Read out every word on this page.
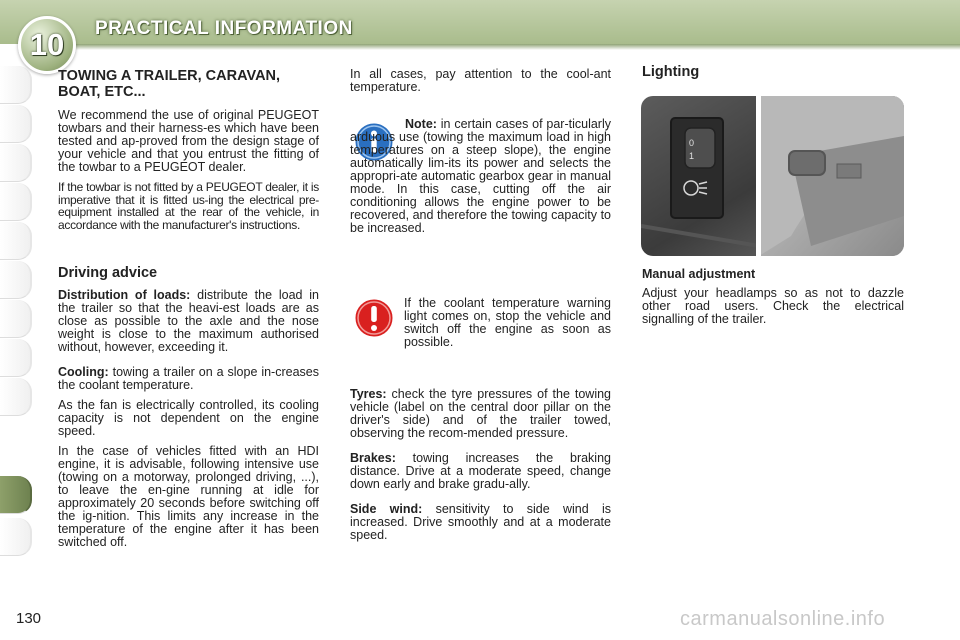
10 PRACTICAL INFORMATION
TOWING A TRAILER, CARAVAN, BOAT, ETC...

We recommend the use of original PEUGEOT towbars and their harness-es which have been tested and ap-proved from the design stage of your vehicle and that you entrust the fitting of the towbar to a PEUGEOT dealer.

If the towbar is not fitted by a PEUGEOT dealer, it is imperative that it is fitted us-ing the electrical pre-equipment installed at the rear of the vehicle, in accordance with the manufacturer's instructions.

Driving advice

Distribution of loads: distribute the load in the trailer so that the heavi-est loads are as close as possible to the axle and the nose weight is close to the maximum authorised without, however, exceeding it.

Cooling: towing a trailer on a slope in-creases the coolant temperature.

As the fan is electrically controlled, its cooling capacity is not dependent on the engine speed.

In the case of vehicles fitted with an HDI engine, it is advisable, following intensive use (towing on a motorway, prolonged driving, ...), to leave the en-gine running at idle for approximately 20 seconds before switching off the ig-nition. This limits any increase in the temperature of the engine after it has been switched off.

In all cases, pay attention to the cool-ant temperature.

Note: in certain cases of par-ticularly arduous use (towing the maximum load in high temperatures on a steep slope), the engine automatically lim-its its power and selects the appropri-ate automatic gearbox gear in manual mode. In this case, cutting off the air conditioning allows the engine power to be recovered, and therefore the towing capacity to be increased.

If the coolant temperature warning light comes on, stop the vehicle and switch off the engine as soon as possible.

Tyres: check the tyre pressures of the towing vehicle (label on the central door pillar on the driver's side) and of the trailer towed, observing the recom-mended pressure.

Brakes: towing increases the braking distance. Drive at a moderate speed, change down early and brake gradu-ally.

Side wind: sensitivity to side wind is increased. Drive smoothly and at a moderate speed.

Lighting
0
1
Manual adjustment

Adjust your headlamps so as not to dazzle other road users. Check the electrical signalling of the trailer.

130	carmanualsonline.info
